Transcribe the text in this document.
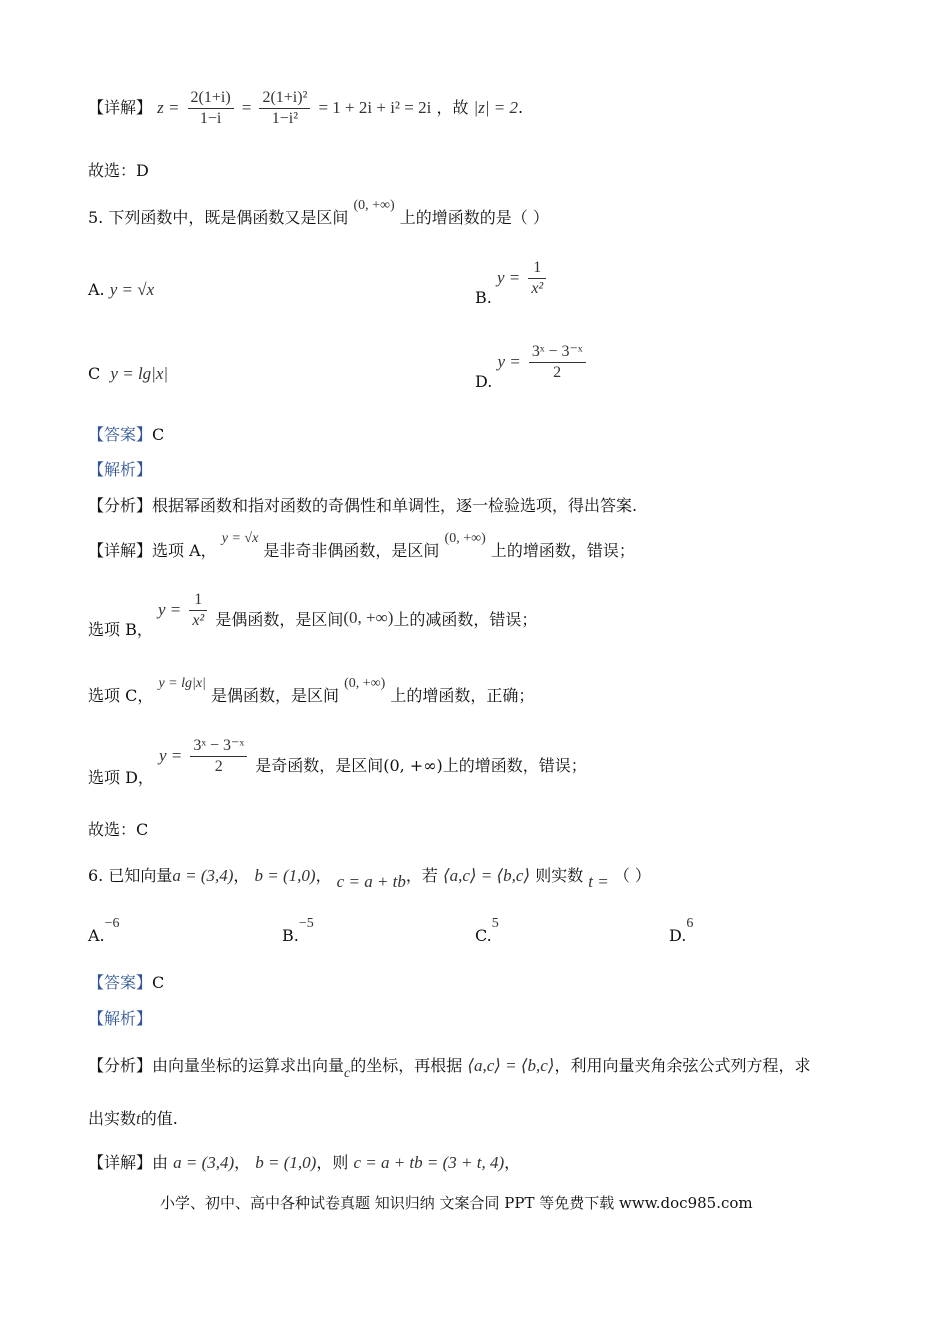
【详解】 $z = \frac{2(1+i)}{1-i} = \frac{\text{2(1+i)²}}{\text{1−i²}} = 1 + 2i + i^2 = 2i$ ，故 |z| = 2.
故选：D
5. 下列函数中，既是偶函数又是区间 (0, +∞) 上的增函数的是（ ）
A. y = √x	B. $y = \frac{1}{\text{x²}}$
C y = lg|x|	D. $y = \frac{\text{3ˣ − 3⁻ˣ}}{2}$
【答案】C
【解析】
【分析】根据幂函数和指对函数的奇偶性和单调性，逐一检验选项，得出答案.
【详解】选项 A， y = √x 是非奇非偶函数，是区间 (0, +∞) 上的增函数，错误；
选项 B， $y = \frac{1}{\text{x²}}$ 是偶函数，是区间(0, +∞)上的减函数，错误；
选项 C， y = lg|x| 是偶函数，是区间 (0, +∞) 上的增函数，正确；
选项 D， $y = \frac{\text{3ˣ − 3⁻ˣ}}{2}$ 是奇函数，是区间(0, +∞)上的增函数，错误；
故选：C
6. 已知向量a = (3,4)， b = (1,0)， c = a + tb，若 ⟨a,c⟩ = ⟨b,c⟩ 则实数 t = （ ）
A.−6
B.−5
C.5
D.6
【答案】C
【解析】
【分析】由向量坐标的运算求出向量c的坐标，再根据 ⟨a,c⟩ = ⟨b,c⟩，利用向量夹角余弦公式列方程，求
出实数t的值.
【详解】由 a = (3,4)， b = (1,0)，则 c = a + tb = (3 + t, 4)，
小学、初中、高中各种试卷真题 知识归纳 文案合同 PPT 等免费下载 www.doc985.com
